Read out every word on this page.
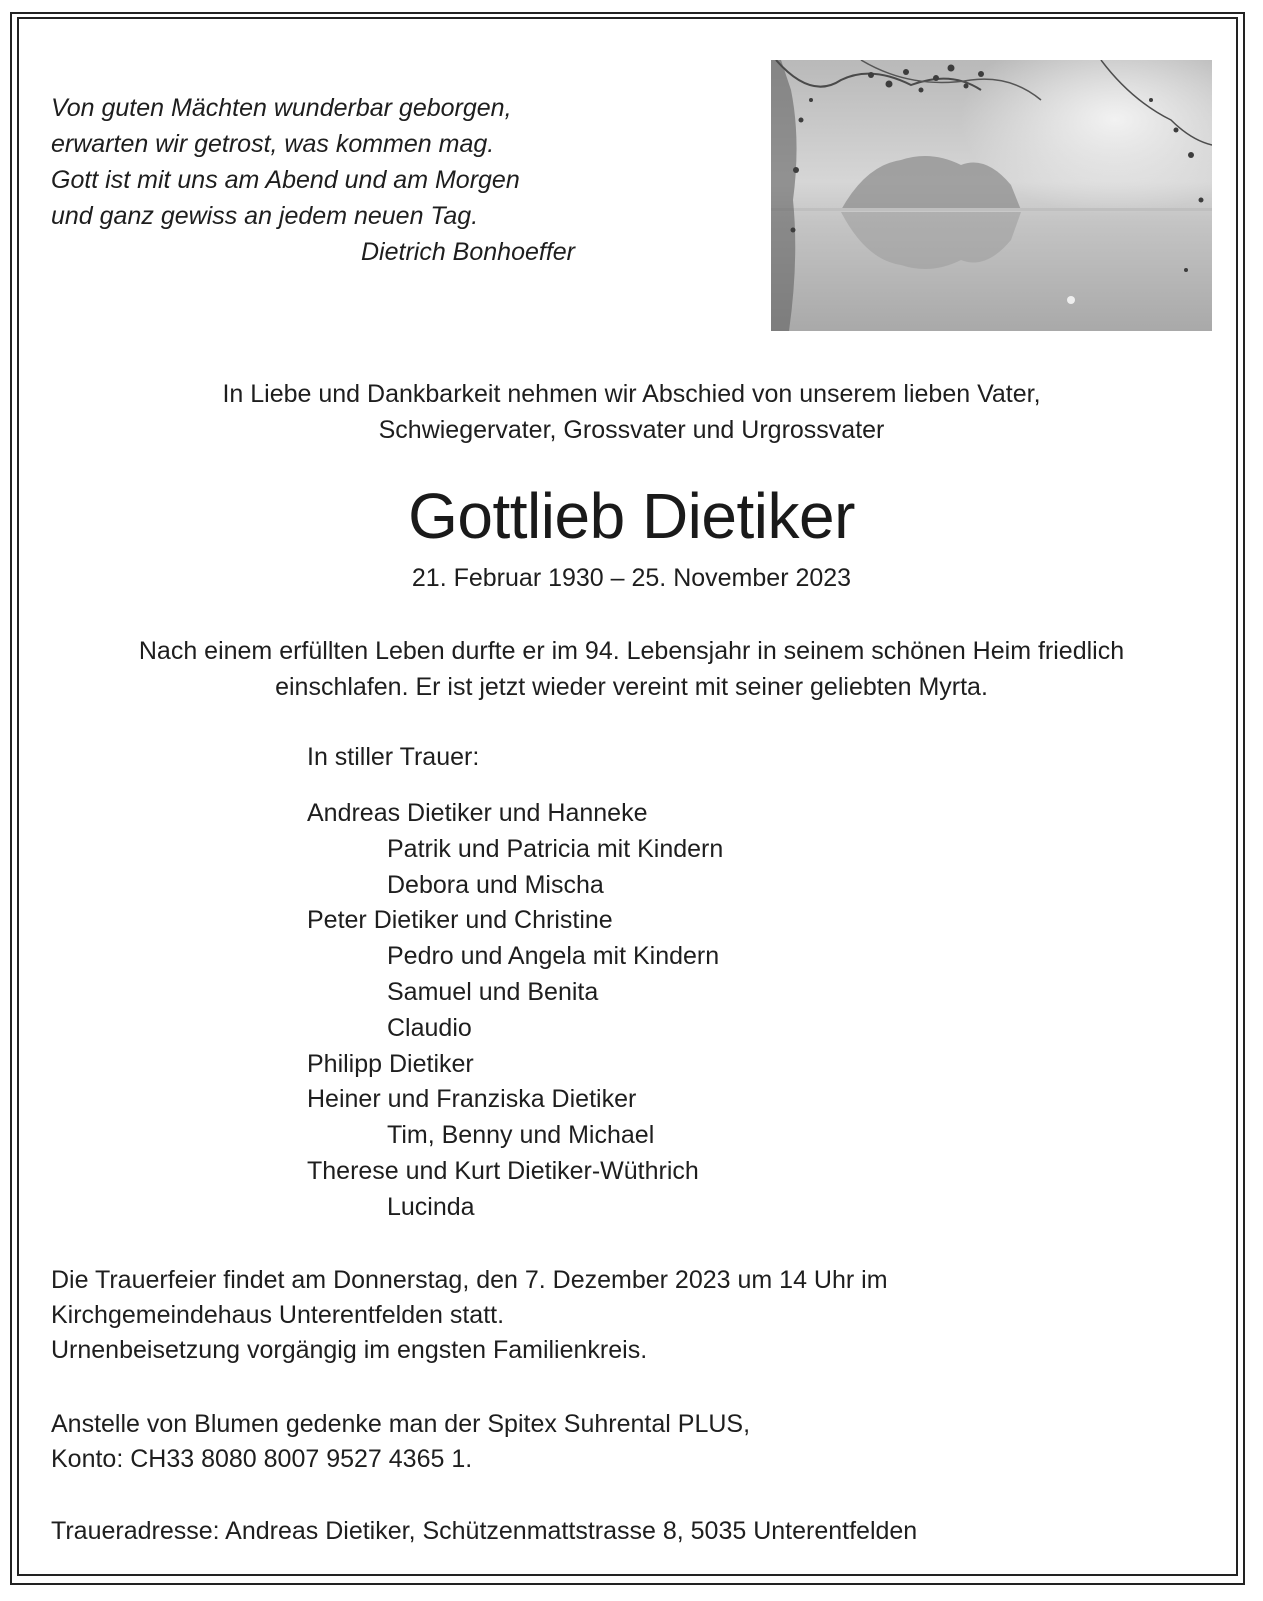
Von guten Mächten wunderbar geborgen,
erwarten wir getrost, was kommen mag.
Gott ist mit uns am Abend und am Morgen
und ganz gewiss an jedem neuen Tag.
Dietrich Bonhoeffer
In Liebe und Dankbarkeit nehmen wir Abschied von unserem lieben Vater,
Schwiegervater, Grossvater und Urgrossvater
Gottlieb Dietiker
21. Februar 1930 – 25. November 2023
Nach einem erfüllten Leben durfte er im 94. Lebensjahr in seinem schönen Heim friedlich
einschlafen. Er ist jetzt wieder vereint mit seiner geliebten Myrta.
In stiller Trauer:
Andreas Dietiker und Hanneke
Patrik und Patricia mit Kindern
Debora und Mischa
Peter Dietiker und Christine
Pedro und Angela mit Kindern
Samuel und Benita
Claudio
Philipp Dietiker
Heiner und Franziska Dietiker
Tim, Benny und Michael
Therese und Kurt Dietiker-Wüthrich
Lucinda
Die Trauerfeier findet am Donnerstag, den 7. Dezember 2023 um 14 Uhr im
Kirchgemeindehaus Unterentfelden statt.
Urnenbeisetzung vorgängig im engsten Familienkreis.
Anstelle von Blumen gedenke man der Spitex Suhrental PLUS,
Konto: CH33 8080 8007 9527 4365 1.
Traueradresse: Andreas Dietiker, Schützenmattstrasse 8, 5035 Unterentfelden
